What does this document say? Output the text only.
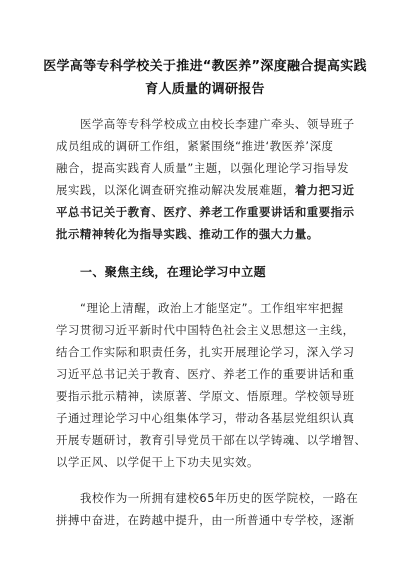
医学高等专科学校关于推进“教医养”深度融合提高实践
育人质量的调研报告
医学高等专科学校成立由校长李建广牵头、领导班子
成员组成的调研工作组，紧紧围绕“推进‘教医养’深度
融合，提高实践育人质量”主题，以强化理论学习指导发
展实践，以深化调查研究推动解决发展难题，着力把习近
平总书记关于教育、医疗、养老工作重要讲话和重要指示
批示精神转化为指导实践、推动工作的强大力量。
一、聚焦主线，在理论学习中立题
“理论上清醒，政治上才能坚定”。工作组牢牢把握
学习贯彻习近平新时代中国特色社会主义思想这一主线，
结合工作实际和职责任务，扎实开展理论学习，深入学习
习近平总书记关于教育、医疗、养老工作的重要讲话和重
要指示批示精神，读原著、学原文、悟原理。学校领导班
子通过理论学习中心组集体学习，带动各基层党组织认真
开展专题研讨，教育引导党员干部在以学铸魂、以学增智、
以学正风、以学促干上下功夫见实效。
我校作为一所拥有建校65年历史的医学院校，一路在
拼搏中奋进，在跨越中提升，由一所普通中专学校，逐渐
